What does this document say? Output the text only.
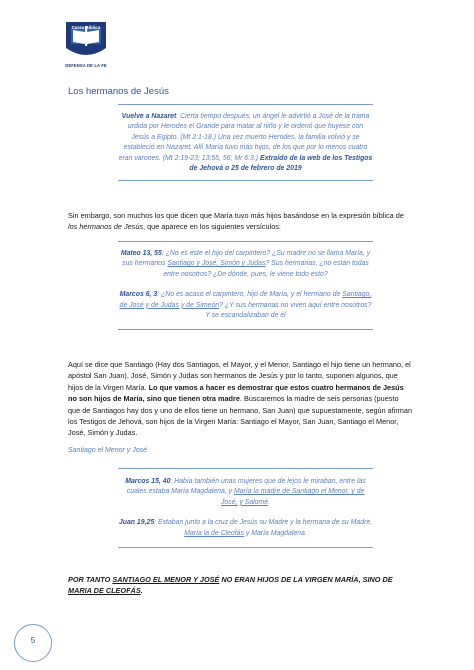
Curso Bíblico
DEFENSA DE LA FE
Los hermanos de Jesús

Vuelve a Nazaret. Cierta tiempo después, un ángel le advirtió a José de la trama urdida por Herodes el Grande para matar al niño y le ordenó que huyese con Jesús a Egipto. (Mt 2:1-18.) Una vez muerto Herodes, la familia volvió y se estableció en Nazaret. Allí María tuvo más hijos, de los que por lo menos cuatro eran varones. (Mt 2:19-23; 13:55, 56; Mr 6:3.) Extraído de la web de los Testigos de Jehová o 25 de febrero de 2019

Sin embargo, son muchos los que dicen que María tuvo más hijos basándose en la expresión bíblica de los hermanos de Jesús, que aparece en los siguientes versículos:

Mateo 13, 55: ¿No es este el hijo del carpintero? ¿Su madre no se llama María, y sus hermanos Santiago y José, Simón y Judas? Sus hermanas, ¿no están todas entre nosotros? ¿De dónde, pues, le viene todo esto?

Marcos 6, 3: ¿No es acaso el carpintero, hijo de María, y el hermano de Santiago, de José y de Judas y de Simeón? ¿Y sus hermanas no viven aquí entre nosotros? Y se escandalizaban de él

Aquí se dice que Santiago (Hay dos Santiagos, el Mayor, y el Menor, Santiago el hijo tiene un hermano, el apóstol San Juan), José, Simón y Judas son hermanos de Jesús y por lo tanto, suponen algunos, que hijos de la Virgen María. Lo que vamos a hacer es demostrar que estos cuatro hermanos de Jesús no son hijos de María, sino que tienen otra madre. Buscaremos la madre de seis personas (puesto que de Santiagos hay dos y uno de ellos tiene un hermano, San Juan) que supuestamente, según afirman los Testigos de Jehová, son hijos de la Virgen María: Santiago el Mayor, San Juan, Santiago el Menor, José, Simón y Judas.

Santiago el Menor y José

Marcos 15, 40: Había también unas mujeres que de lejos le miraban, entre las cuales estaba María Magdalena, y María la madre de Santiago el Menor, y de José, y Salomé.

Juan 19,25: Estaban junto a la cruz de Jesús su Madre y la hermana de su Madre, María la de Cleofás y María Magdalena.

POR TANTO SANTIAGO EL MENOR Y JOSÉ NO ERAN HIJOS DE LA VIRGEN MARÍA, SINO DE MARIA DE CLEOFÁS.
5
